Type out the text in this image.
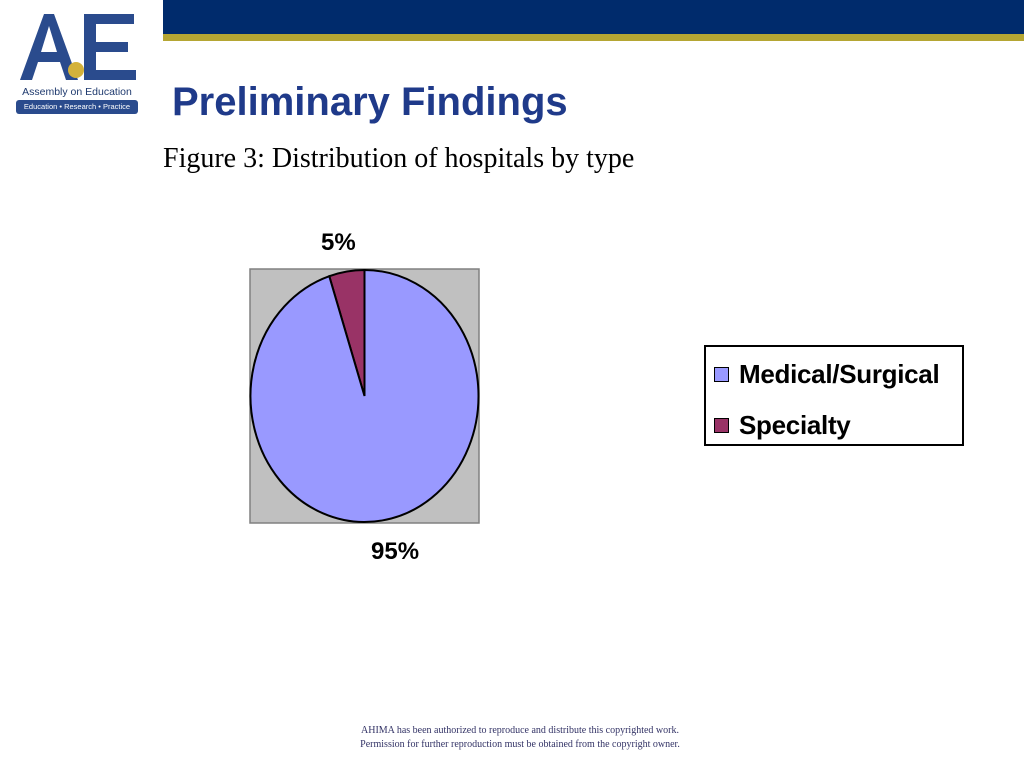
Assembly on Education
Education • Research • Practice Preliminary Findings
Figure 3: Distribution of hospitals by type
5%
95%
Medical/Surgical
Specialty
AHIMA has been authorized to reproduce and distribute this copyrighted work.
Permission for further reproduction must be obtained from the copyright owner.
